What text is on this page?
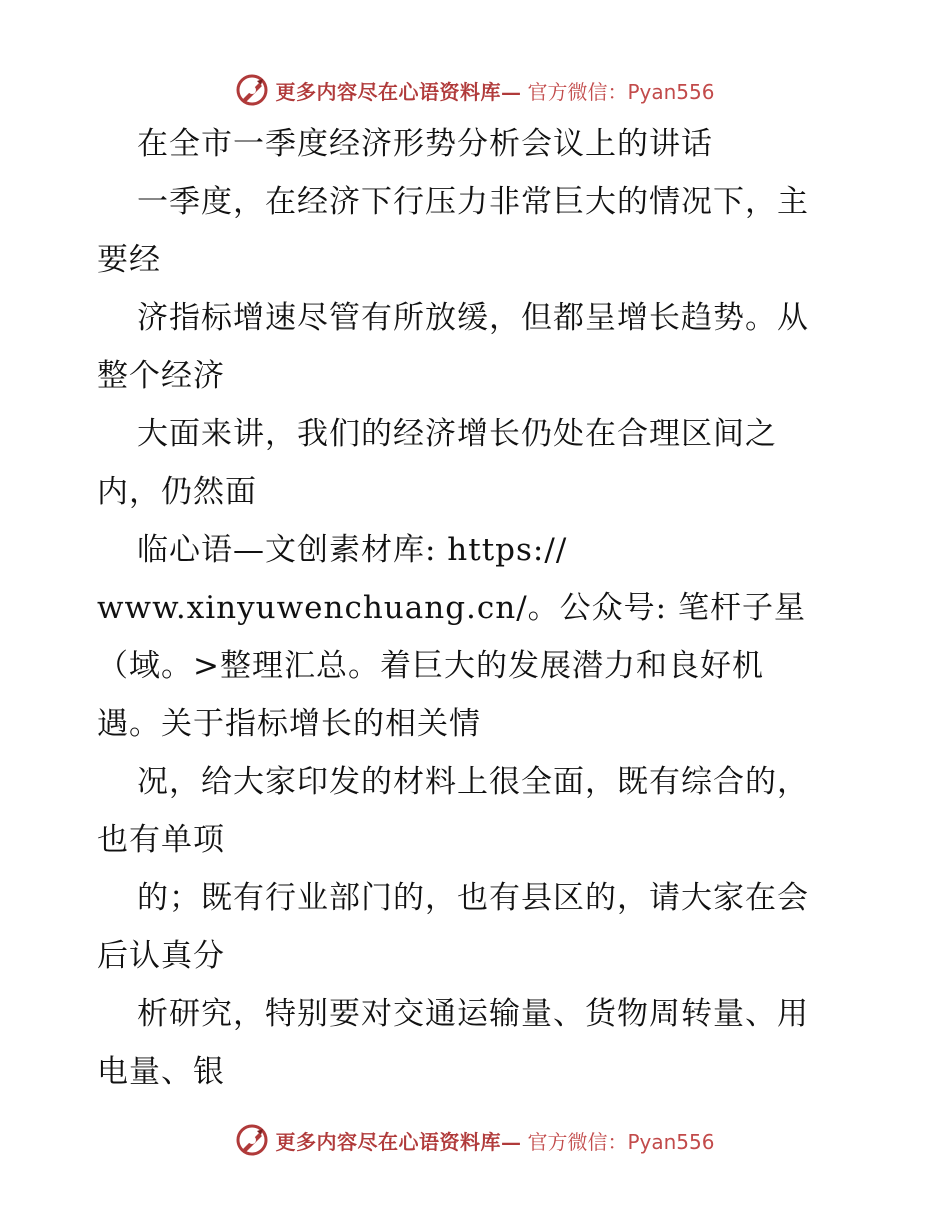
更多内容尽在心语资料库— 官方微信：Pyan556
在全市一季度经济形势分析会议上的讲话
一季度，在经济下行压力非常巨大的情况下，主
要经
济指标增速尽管有所放缓，但都呈增长趋势。从
整个经济
大面来讲，我们的经济增长仍处在合理区间之
内，仍然面
临心语—文创素材库: https://
www.xinyuwenchuang.cn/。公众号: 笔杆子星
（域。>整理汇总。着巨大的发展潜力和良好机
遇。关于指标增长的相关情
况，给大家印发的材料上很全面，既有综合的，
也有单项
的；既有行业部门的，也有县区的，请大家在会
后认真分
析研究，特别要对交通运输量、货物周转量、用
电量、银
更多内容尽在心语资料库— 官方微信：Pyan556
